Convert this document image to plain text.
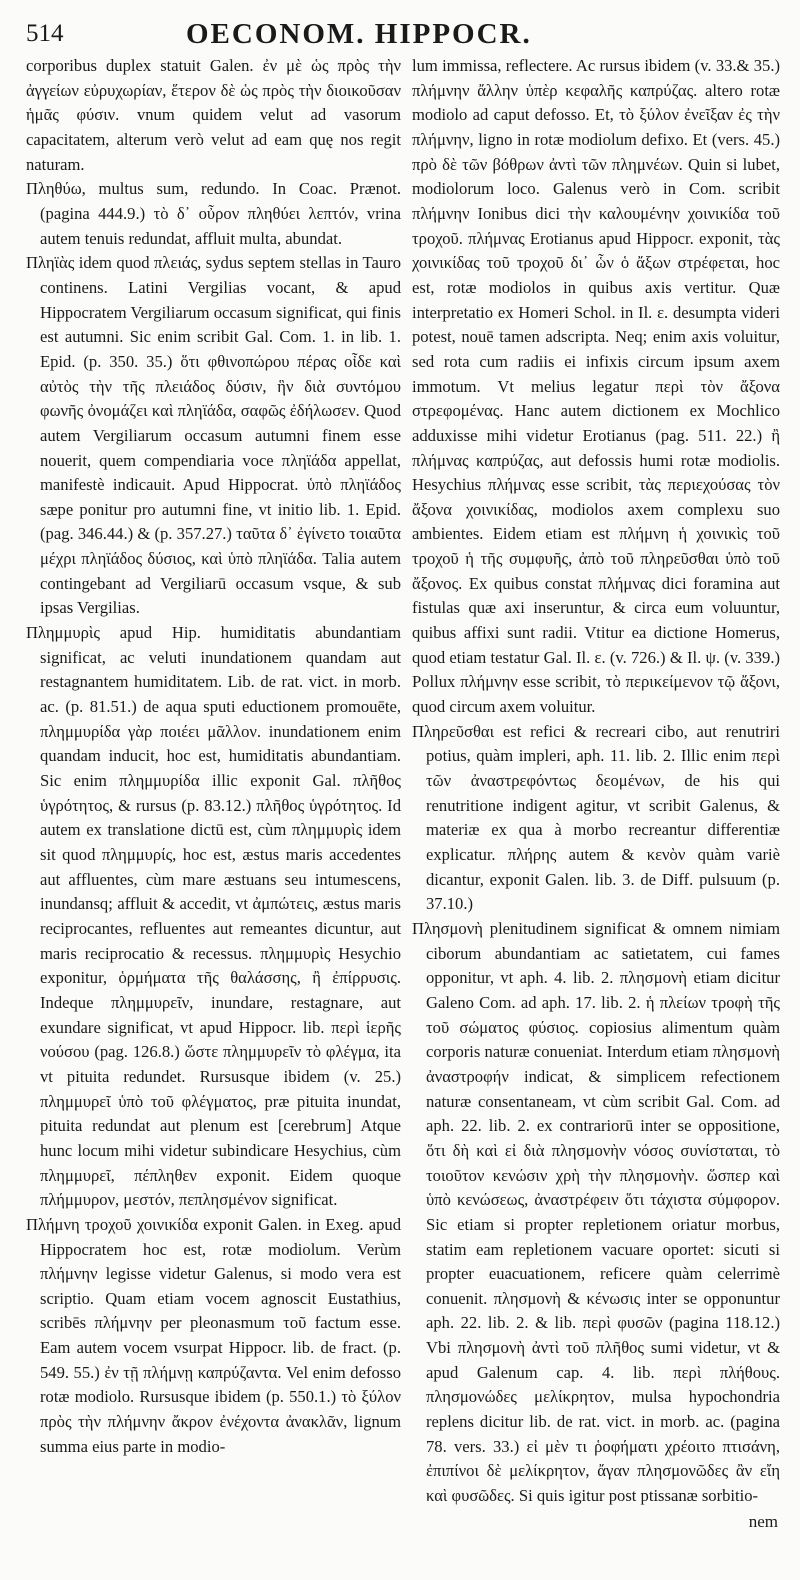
514	OECONOM. HIPPOCR.

corporibus duplex statuit Galen. ἐν μὲ ὡς πρὸς τὴν ἀγγείων εὐρυχωρίαν, ἕτερον δὲ ὡς πρὸς τὴν διοικοῦσαν ἡμᾶς φύσιν. vnum quidem velut ad vasorum capacitatem, alterum verò velut ad eam quę nos regit naturam.

Πληθύω, multus sum, redundo. In Coac. Prænot. (pagina 444.9.) τὸ δ᾽ οὖρον πληθύει λεπτόν, vrina autem tenuis redundat, affluit multa, abundat.

Πληϊὰς idem quod πλειάς, sydus septem stellas in Tauro continens. Latini Vergilias vocant, & apud Hippocratem Vergiliarum occasum significat, qui finis est autumni. Sic enim scribit Gal. Com. 1. in lib. 1. Epid. (p. 350. 35.) ὅτι φθινοπώρου πέρας οἶδε καὶ αὐτὸς τὴν τῆς πλειάδος δύσιν, ἣν διὰ συντόμου φωνῆς ὀνομάζει καὶ πληϊάδα, σαφῶς ἐδήλωσεν. Quod autem Vergiliarum occasum autumni finem esse nouerit, quem compendiaria voce πληϊάδα appellat, manifestè indicauit. Apud Hippocrat. ὑπὸ πληϊάδος sæpe ponitur pro autumni fine, vt initio lib. 1. Epid. (pag. 346.44.) & (p. 357.27.) ταῦτα δ᾽ ἐγίνετο τοιαῦτα μέχρι πληϊάδος δύσιος, καὶ ὑπὸ πληϊάδα. Talia autem contingebant ad Vergiliarū occasum vsque, & sub ipsas Vergilias.

Πλημμυρὶς apud Hip. humiditatis abundantiam significat, ac veluti inundationem quandam aut restagnantem humiditatem. Lib. de rat. vict. in morb. ac. (p. 81.51.) de aqua sputi eductionem promouēte, πλημμυρίδα γὰρ ποιέει μᾶλλον. inundationem enim quandam inducit, hoc est, humiditatis abundantiam. Sic enim πλημμυρίδα illic exponit Gal. πλῆθος ὑγρότητος, & rursus (p. 83.12.) πλῆθος ὑγρότητος. Id autem ex translatione dictū est, cùm πλημμυρὶς idem sit quod πλημμυρίς, hoc est, æstus maris accedentes aut affluentes, cùm mare æstuans seu intumescens, inundansq; affluit & accedit, vt ἀμπώτεις, æstus maris reciprocantes, refluentes aut remeantes dicuntur, aut maris reciprocatio & recessus. πλημμυρὶς Hesychio exponitur, ὁρμήματα τῆς θαλάσσης, ἢ ἐπίρρυσις. Indeque πλημμυρεῖν, inundare, restagnare, aut exundare significat, vt apud Hippocr. lib. περὶ ἱερῆς νούσου (pag. 126.8.) ὥστε πλημμυρεῖν τὸ φλέγμα, ita vt pituita redundet. Rursusque ibidem (v. 25.) πλημμυρεῖ ὑπὸ τοῦ φλέγματος, præ pituita inundat, pituita redundat aut plenum est [cerebrum] Atque hunc locum mihi videtur subindicare Hesychius, cùm πλημμυρεῖ, πέπληθεν exponit. Eidem quoque πλήμμυρον, μεστόν, πεπλησμένον significat.

Πλήμνη τροχοῦ χοινικίδα exponit Galen. in Exeg. apud Hippocratem hoc est, rotæ modiolum. Verùm πλήμνην legisse videtur Galenus, si modo vera est scriptio. Quam etiam vocem agnoscit Eustathius, scribēs πλήμνην per pleonasmum τοῦ factum esse. Eam autem vocem vsurpat Hippocr. lib. de fract. (p. 549. 55.) ἐν τῇ πλήμνῃ καπρύζαντα. Vel enim defosso rotæ modiolo. Rursusque ibidem (p. 550.1.) τὸ ξύλον πρὸς τὴν πλήμνην ἄκρον ἐνέχοντα ἀνακλᾶν, lignum summa eius parte in modio-

lum immissa, reflectere. Ac rursus ibidem (v. 33.& 35.) πλήμνην ἄλλην ὑπὲρ κεφαλῆς καπρύζας. altero rotæ modiolo ad caput defosso. Et, τὸ ξύλον ἐνεῖξαν ἐς τὴν πλήμνην, ligno in rotæ modiolum defixo. Et (vers. 45.) πρὸ δὲ τῶν βόθρων ἀντὶ τῶν πλημνέων. Quin si lubet, modiolorum loco. Galenus verò in Com. scribit πλήμνην Ionibus dici τὴν καλουμένην χοινικίδα τοῦ τροχοῦ. πλήμνας Erotianus apud Hippocr. exponit, τὰς χοινικίδας τοῦ τροχοῦ δι᾽ ὧν ὁ ἄξων στρέφεται, hoc est, rotæ modiolos in quibus axis vertitur. Quæ interpretatio ex Homeri Schol. in Il. ε. desumpta videri potest, nouē tamen adscripta. Neq; enim axis voluitur, sed rota cum radiis ei infixis circum ipsum axem immotum. Vt melius legatur περὶ τὸν ἄξονα στρεφομένας. Hanc autem dictionem ex Mochlico adduxisse mihi videtur Erotianus (pag. 511. 22.) ἢ πλήμνας καπρύζας, aut defossis humi rotæ modiolis. Hesychius πλήμνας esse scribit, τὰς περιεχούσας τὸν ἄξονα χοινικίδας, modiolos axem complexu suo ambientes. Eidem etiam est πλήμνη ἡ χοινικὶς τοῦ τροχοῦ ἡ τῆς συμφυῆς, ἀπὸ τοῦ πληρεῦσθαι ὑπὸ τοῦ ἄξονος. Ex quibus constat πλήμνας dici foramina aut fistulas quæ axi inseruntur, & circa eum voluuntur, quibus affixi sunt radii. Vtitur ea dictione Homerus, quod etiam testatur Gal. Il. ε. (v. 726.) & Il. ψ. (v. 339.) Pollux πλήμνην esse scribit, τὸ περικείμενον τῷ ἄξονι, quod circum axem voluitur.

Πληρεῦσθαι est refici & recreari cibo, aut renutriri potius, quàm impleri, aph. 11. lib. 2. Illic enim περὶ τῶν ἀναστρεφόντως δεομένων, de his qui renutritione indigent agitur, vt scribit Galenus, & materiæ ex qua à morbo recreantur differentiæ explicatur. πλήρης autem & κενὸν quàm variè dicantur, exponit Galen. lib. 3. de Diff. pulsuum (p. 37.10.)

Πλησμονὴ plenitudinem significat & omnem nimiam ciborum abundantiam ac satietatem, cui fames opponitur, vt aph. 4. lib. 2. πλησμονὴ etiam dicitur Galeno Com. ad aph. 17. lib. 2. ἡ πλείων τροφὴ τῆς τοῦ σώματος φύσιος. copiosius alimentum quàm corporis naturæ conueniat. Interdum etiam πλησμονὴ ἀναστροφήν indicat, & simplicem refectionem naturæ consentaneam, vt cùm scribit Gal. Com. ad aph. 22. lib. 2. ex contrariorū inter se oppositione, ὅτι δὴ καὶ εἰ διὰ πλησμονὴν νόσος συνίσταται, τὸ τοιοῦτον κενώσιν χρὴ τὴν πλησμονὴν. ὥσπερ καὶ ὑπὸ κενώσεως, ἀναστρέφειν ὅτι τάχιστα σύμφορον. Sic etiam si propter repletionem oriatur morbus, statim eam repletionem vacuare oportet: sicuti si propter euacuationem, reficere quàm celerrimè conuenit. πλησμονὴ & κένωσις inter se opponuntur aph. 22. lib. 2. & lib. περὶ φυσῶν (pagina 118.12.) Vbi πλησμονὴ ἀντὶ τοῦ πλῆθος sumi videtur, vt & apud Galenum cap. 4. lib. περὶ πλήθους. πλησμονώδες μελίκρητον, mulsa hypochondria replens dicitur lib. de rat. vict. in morb. ac. (pagina 78. vers. 33.) εἰ μὲν τι ῥοφήματι χρέοιτο πτισάνη, ἐπιπίνοι δὲ μελίκρητον, ἄγαν πλησμονῶδες ἂν εἴη καὶ φυσῶδες. Si quis igitur post ptissanæ sorbitio-

nem
